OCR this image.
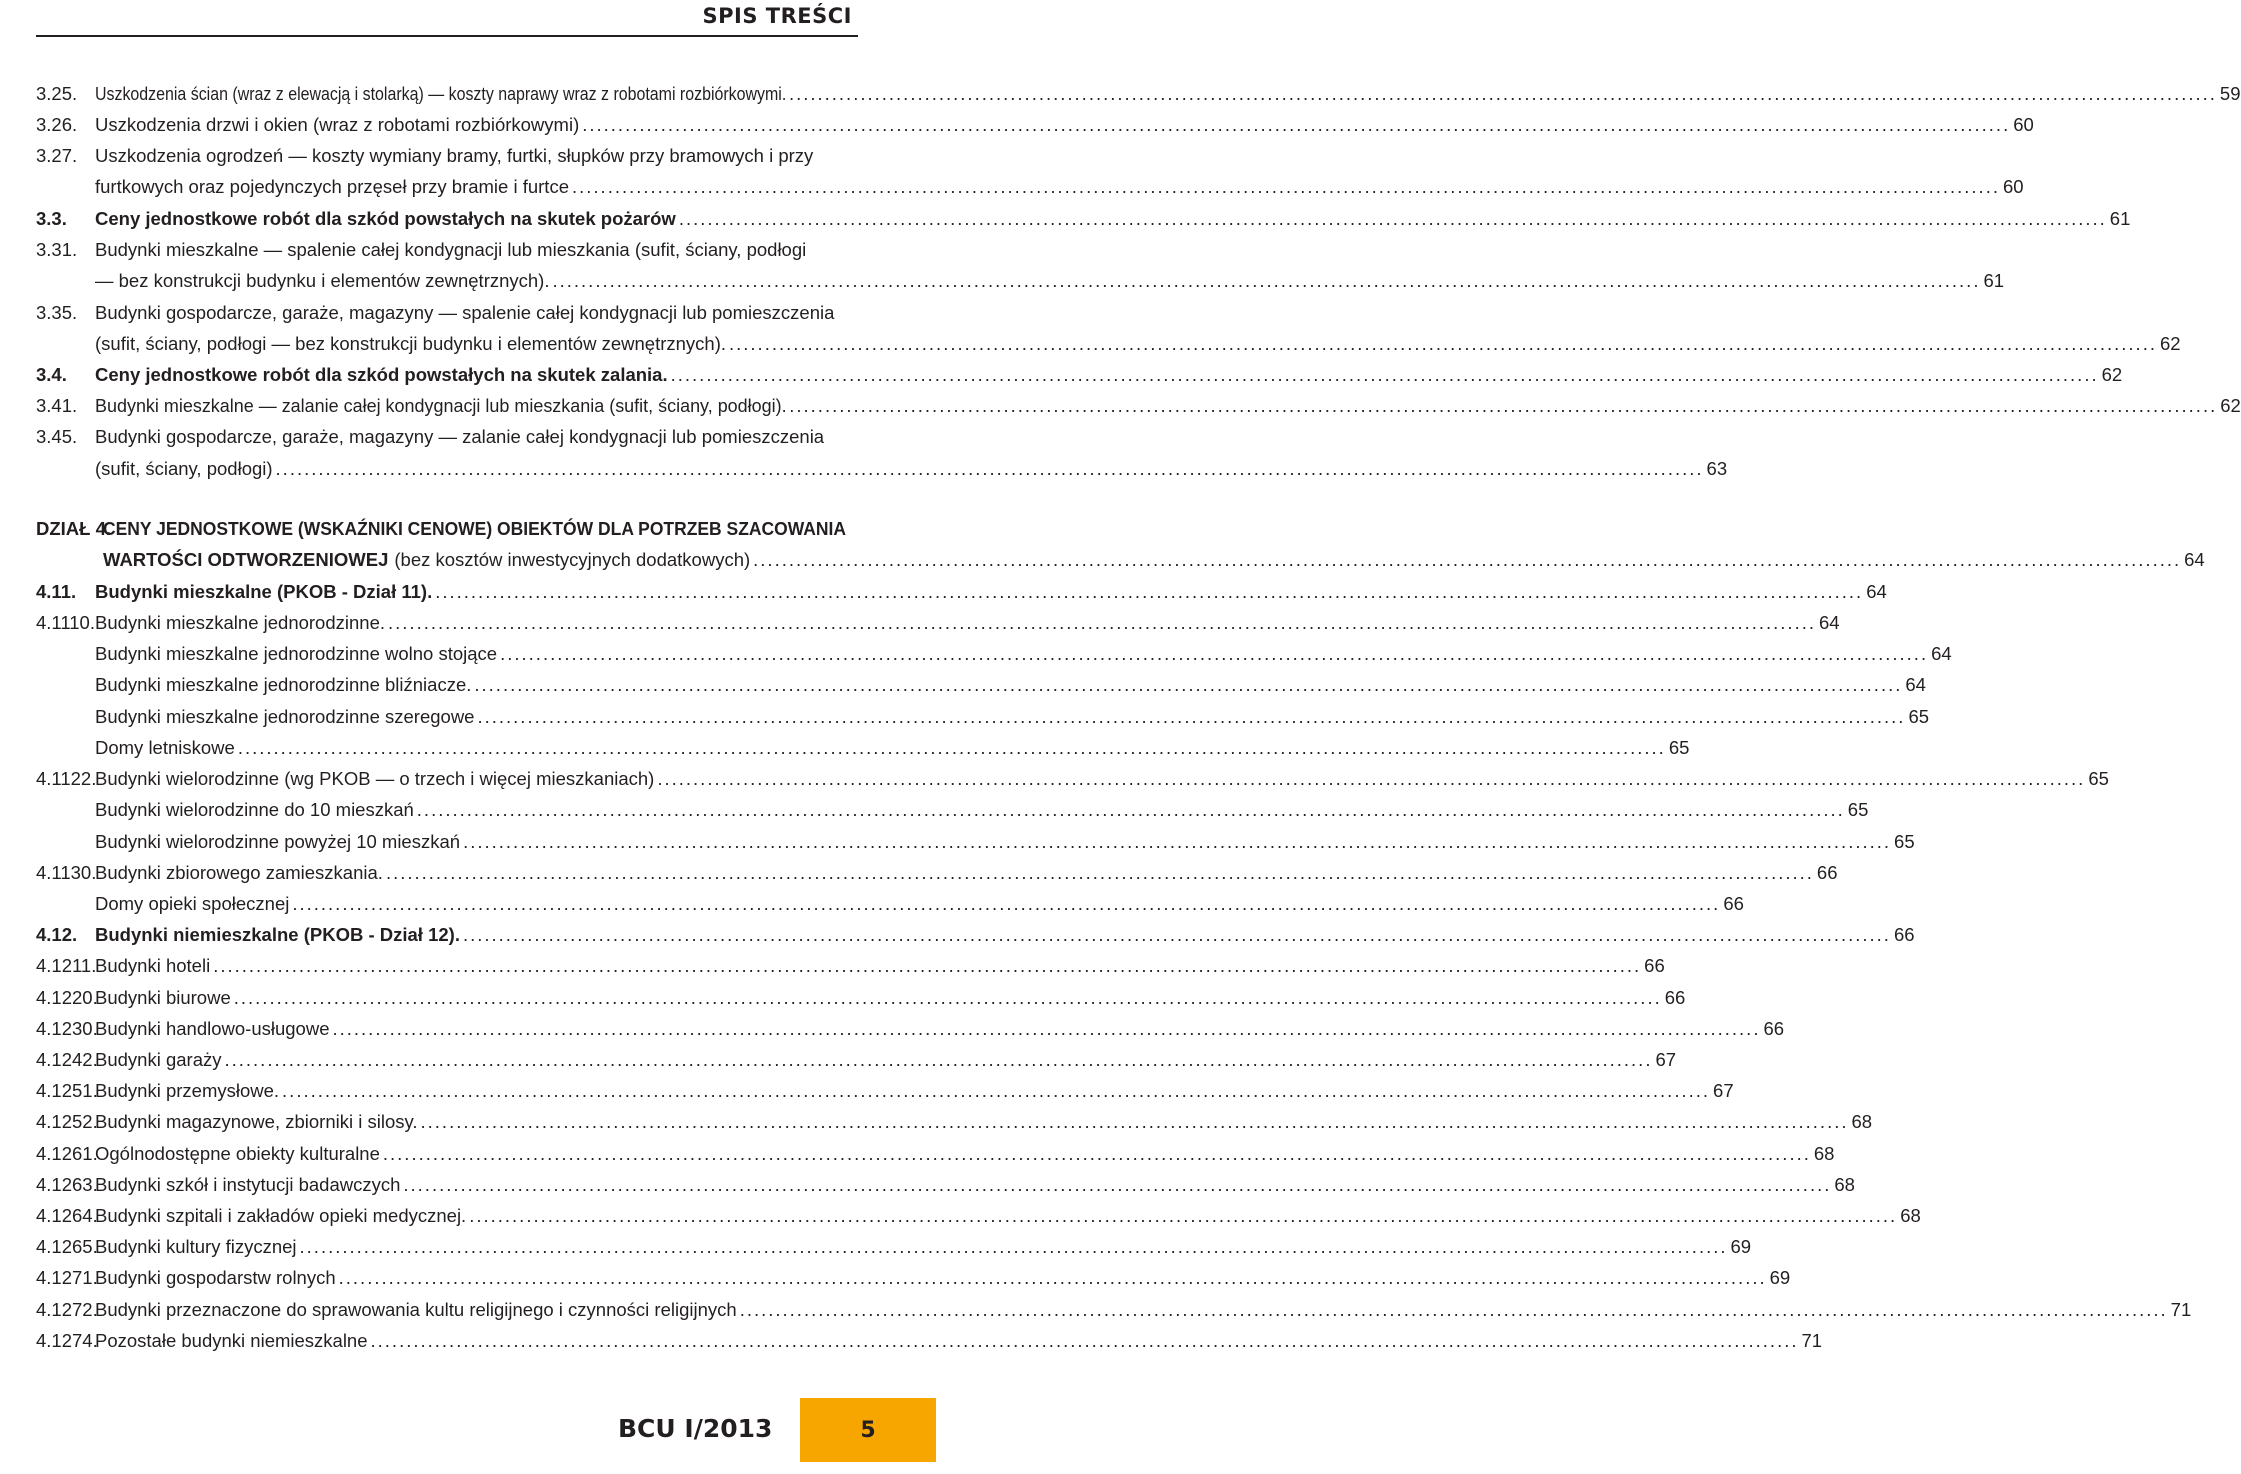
SPIS TREŚCI
3.25. Uszkodzenia ścian (wraz z elewacją i stolarką) — koszty naprawy wraz z robotami rozbiórkowymi. ........................................................................................................................................................................................................ 59
3.26. Uszkodzenia drzwi i okien (wraz z robotami rozbiórkowymi) ........................................................................................................................................................................................................ 60
3.27. Uszkodzenia ogrodzeń — koszty wymiany bramy, furtki, słupków przy bramowych i przy
furtkowych oraz pojedynczych przęseł przy bramie i furtce ........................................................................................................................................................................................................ 60
3.3. Ceny jednostkowe robót dla szkód powstałych na skutek pożarów ........................................................................................................................................................................................................ 61
3.31. Budynki mieszkalne — spalenie całej kondygnacji lub mieszkania (sufit, ściany, podłogi
— bez konstrukcji budynku i elementów zewnętrznych). ........................................................................................................................................................................................................ 61
3.35. Budynki gospodarcze, garaże, magazyny — spalenie całej kondygnacji lub pomieszczenia
(sufit, ściany, podłogi — bez konstrukcji budynku i elementów zewnętrznych). ........................................................................................................................................................................................................ 62
3.4. Ceny jednostkowe robót dla szkód powstałych na skutek zalania. ........................................................................................................................................................................................................ 62
3.41. Budynki mieszkalne — zalanie całej kondygnacji lub mieszkania (sufit, ściany, podłogi). ........................................................................................................................................................................................................ 62
3.45. Budynki gospodarcze, garaże, magazyny — zalanie całej kondygnacji lub pomieszczenia
(sufit, ściany, podłogi) ........................................................................................................................................................................................................ 63
DZIAŁ 4.
CENY JEDNOSTKOWE (WSKAŹNIKI CENOWE) OBIEKTÓW DLA POTRZEB SZACOWANIA
WARTOŚCI ODTWORZENIOWEJ (bez kosztów inwestycyjnych dodatkowych) ........................................................................................................................................................................................................ 64
4.11. Budynki mieszkalne (PKOB - Dział 11). ........................................................................................................................................................................................................ 64
4.1110. Budynki mieszkalne jednorodzinne. ........................................................................................................................................................................................................ 64
Budynki mieszkalne jednorodzinne wolno stojące ........................................................................................................................................................................................................ 64
Budynki mieszkalne jednorodzinne bliźniacze. ........................................................................................................................................................................................................ 64
Budynki mieszkalne jednorodzinne szeregowe ........................................................................................................................................................................................................ 65
Domy letniskowe ........................................................................................................................................................................................................ 65
4.1122.
Budynki wielorodzinne (wg PKOB — o trzech i więcej mieszkaniach) ........................................................................................................................................................................................................ 65
Budynki wielorodzinne do 10 mieszkań ........................................................................................................................................................................................................ 65
Budynki wielorodzinne powyżej 10 mieszkań ........................................................................................................................................................................................................ 65
4.1130.
Budynki zbiorowego zamieszkania. ........................................................................................................................................................................................................ 66
Domy opieki społecznej ........................................................................................................................................................................................................ 66
4.12. Budynki niemieszkalne (PKOB - Dział 12). ........................................................................................................................................................................................................ 66
4.1211.
Budynki hoteli ........................................................................................................................................................................................................ 66
4.1220.
Budynki biurowe ........................................................................................................................................................................................................ 66
4.1230.
Budynki handlowo-usługowe ........................................................................................................................................................................................................ 66
4.1242.
Budynki garaży ........................................................................................................................................................................................................ 67
4.1251.
Budynki przemysłowe. ........................................................................................................................................................................................................ 67
4.1252.
Budynki magazynowe, zbiorniki i silosy. ........................................................................................................................................................................................................ 68
4.1261.
Ogólnodostępne obiekty kulturalne ........................................................................................................................................................................................................ 68
4.1263.
Budynki szkół i instytucji badawczych ........................................................................................................................................................................................................ 68
4.1264.
Budynki szpitali i zakładów opieki medycznej. ........................................................................................................................................................................................................ 68
4.1265.
Budynki kultury fizycznej ........................................................................................................................................................................................................ 69
4.1271.
Budynki gospodarstw rolnych ........................................................................................................................................................................................................ 69
4.1272.
Budynki przeznaczone do sprawowania kultu religijnego i czynności religijnych ........................................................................................................................................................................................................ 71
4.1274.
Pozostałe budynki niemieszkalne ........................................................................................................................................................................................................ 71
BCU I/2013	5
